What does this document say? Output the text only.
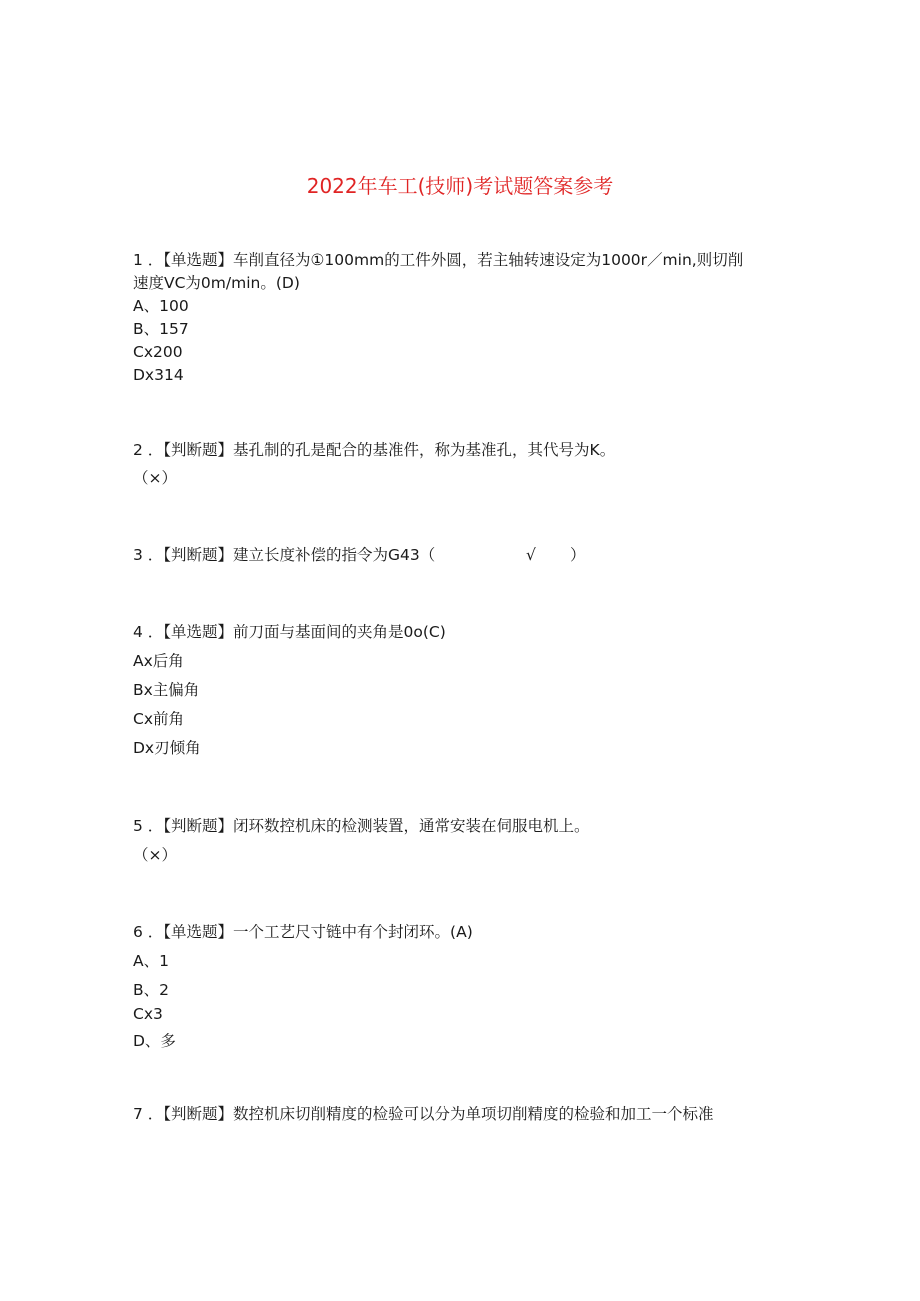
2022年车工(技师)考试题答案参考
1 ．【单选题】车削直径为①100mm的工件外圆，若主轴转速设定为1000r／min,则切削
速度VC为0m/min。(D)
A、100
B、157
Cx200
Dx314
2 ．【判断题】基孔制的孔是配合的基准件，称为基准孔，其代号为K。
（×）
3 ．【判断题】建立长度补偿的指令为G43（	√ ）
4 ．【单选题】前刀面与基面间的夹角是0o(C)
Ax后角
Bx主偏角
Cx前角
Dx刃倾角
5 ．【判断题】闭环数控机床的检测装置，通常安装在伺服电机上。
（×）
6 ．【单选题】一个工艺尺寸链中有个封闭环。(A)
A、1
B、2
Cx3
D、多
7 ．【判断题】数控机床切削精度的检验可以分为单项切削精度的检验和加工一个标准
